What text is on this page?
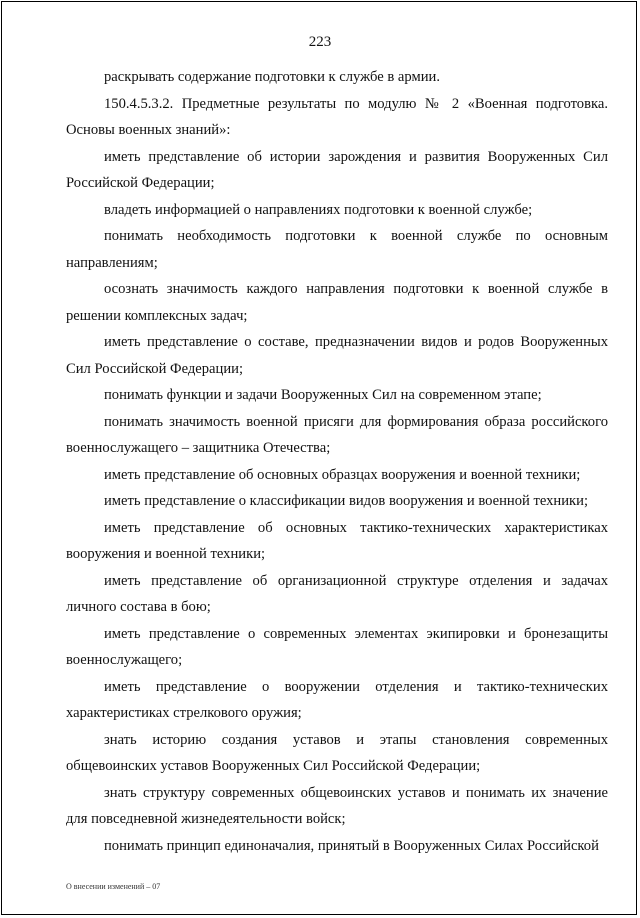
223

раскрывать содержание подготовки к службе в армии.

150.4.5.3.2. Предметные результаты по модулю № 2 «Военная подготовка. Основы военных знаний»:

иметь представление об истории зарождения и развития Вооруженных Сил Российской Федерации;

владеть информацией о направлениях подготовки к военной службе;

понимать необходимость подготовки к военной службе по основным направлениям;

осознать значимость каждого направления подготовки к военной службе в решении комплексных задач;

иметь представление о составе, предназначении видов и родов Вооруженных Сил Российской Федерации;

понимать функции и задачи Вооруженных Сил на современном этапе;

понимать значимость военной присяги для формирования образа российского военнослужащего – защитника Отечества;

иметь представление об основных образцах вооружения и военной техники;

иметь представление о классификации видов вооружения и военной техники;

иметь представление об основных тактико-технических характеристиках вооружения и военной техники;

иметь представление об организационной структуре отделения и задачах личного состава в бою;

иметь представление о современных элементах экипировки и бронезащиты военнослужащего;

иметь представление о вооружении отделения и тактико-технических характеристиках стрелкового оружия;

знать историю создания уставов и этапы становления современных общевоинских уставов Вооруженных Сил Российской Федерации;

знать структуру современных общевоинских уставов и понимать их значение для повседневной жизнедеятельности войск;

понимать принцип единоначалия, принятый в Вооруженных Силах Российской

О внесении изменений – 07
